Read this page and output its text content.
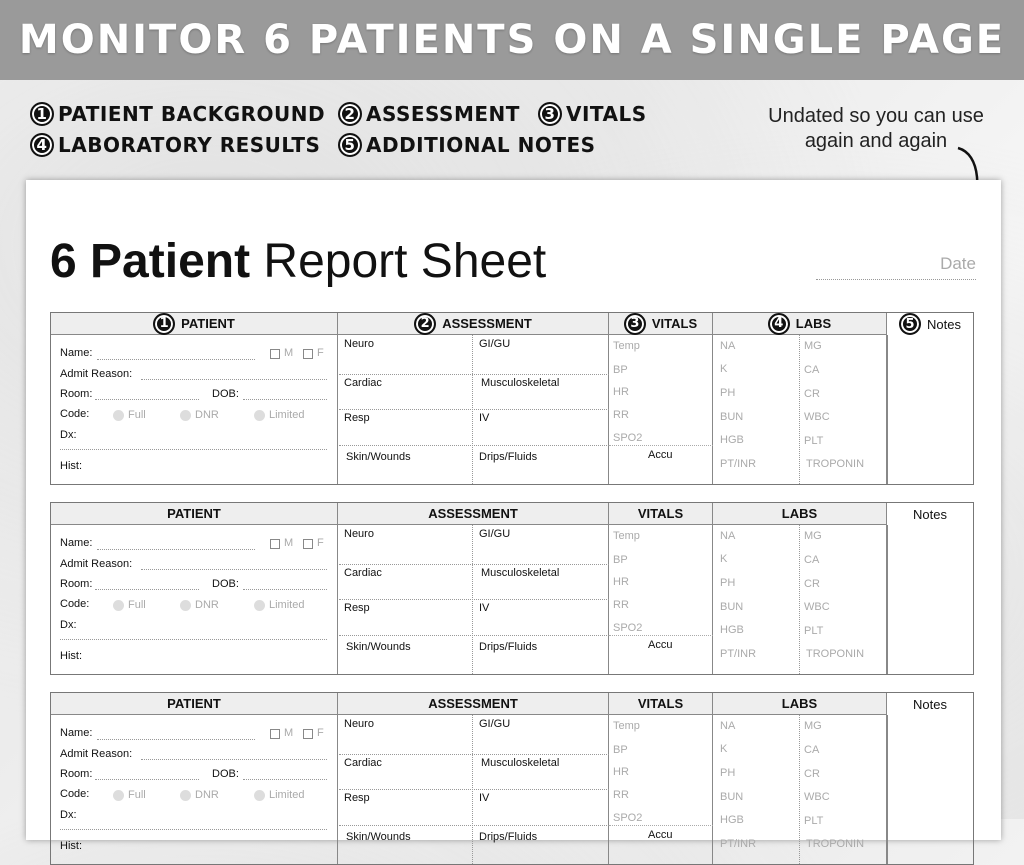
MONITOR 6 PATIENTS ON A SINGLE PAGE
1 PATIENT BACKGROUND	2 ASSESSMENT	3 VITALS
4 LABORATORY RESULTS	5 ADDITIONAL NOTES
Undated so you can use
again and again
6 Patient Report Sheet	Date
1 PATIENT	2 ASSESSMENT	3 VITALS	4 LABS	5 Notes
Name:	M F
Admit Reason:
Room:	DOB:
Code:	Full	DNR	Limited
Dx:
Hist:
Neuro	GI/GU
Cardiac	Musculoskeletal
Resp	IV
Skin/Wounds	Drips/Fluids
Temp
BP
HR
RR
SPO2
Accu
NA	MG
K	CA
PH	CR
BUN	WBC
HGB	PLT
PT/INR	TROPONIN
PATIENT	ASSESSMENT	VITALS	LABS	Notes
Name:	M F
Admit Reason:
Room:	DOB:
Code:	Full	DNR	Limited
Dx:
Hist:
Neuro	GI/GU
Cardiac	Musculoskeletal
Resp	IV
Skin/Wounds	Drips/Fluids
Temp
BP
HR
RR
SPO2
Accu
NA	MG
K	CA
PH	CR
BUN	WBC
HGB	PLT
PT/INR	TROPONIN
PATIENT	ASSESSMENT	VITALS	LABS	Notes
Name:	M F
Admit Reason:
Room:	DOB:
Code:	Full	DNR	Limited
Dx:
Hist:
Neuro	GI/GU
Cardiac	Musculoskeletal
Resp	IV
Skin/Wounds	Drips/Fluids
Temp
BP
HR
RR
SPO2
Accu
NA	MG
K	CA
PH	CR
BUN	WBC
HGB	PLT
PT/INR	TROPONIN
